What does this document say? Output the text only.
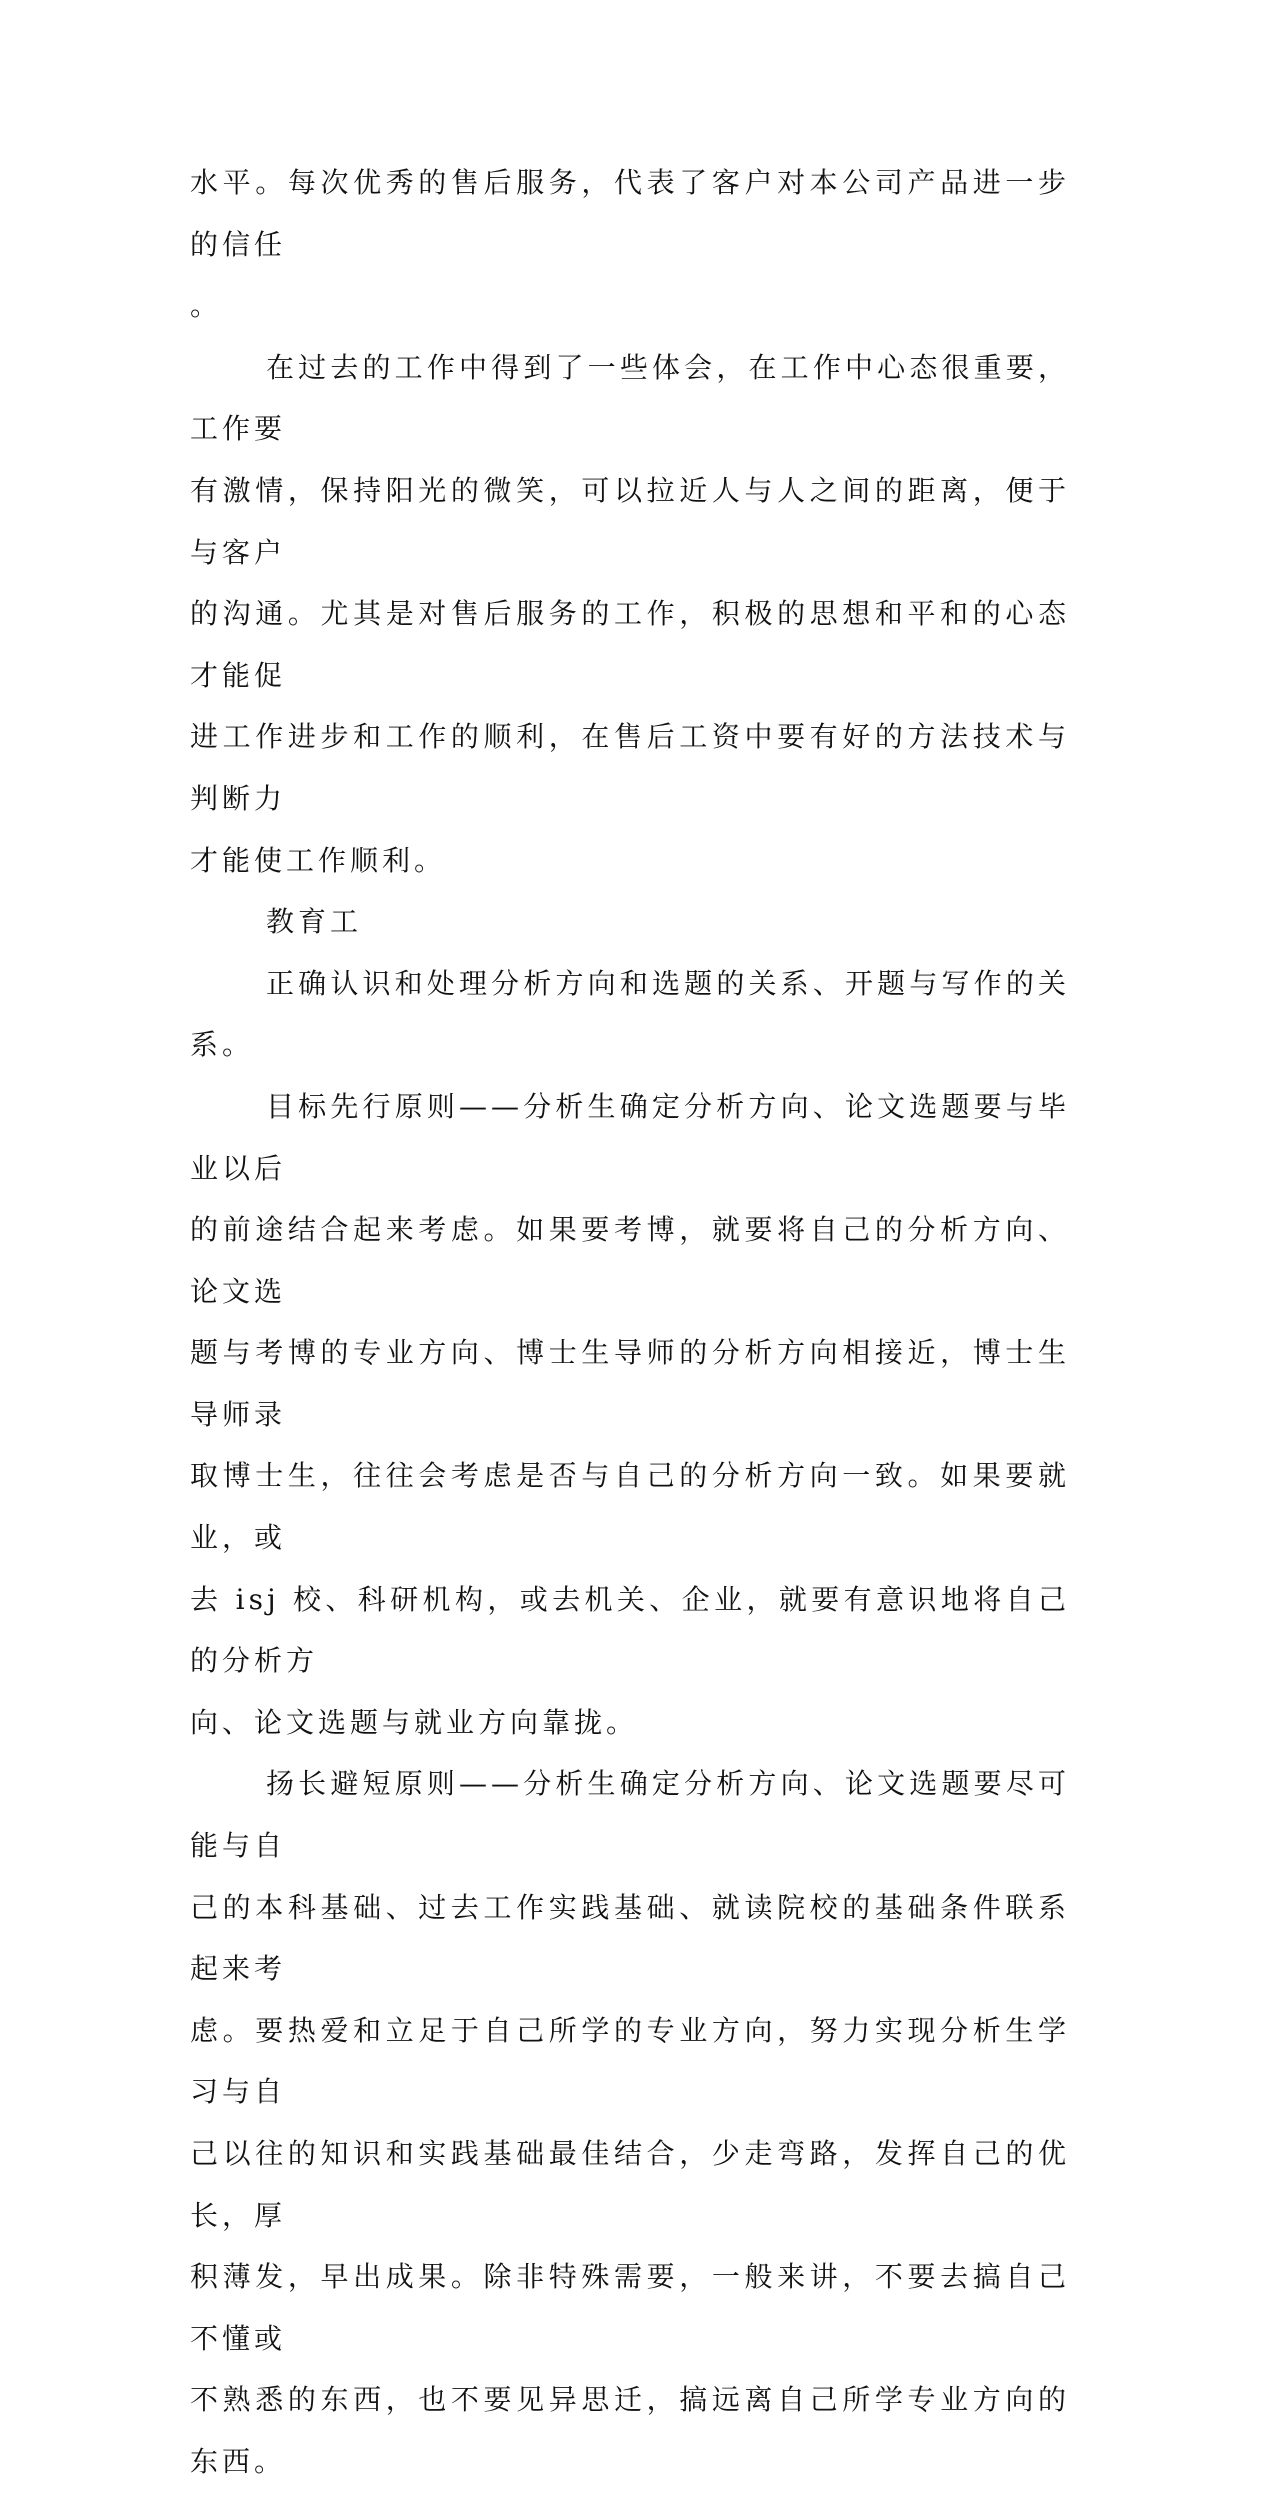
水平。每次优秀的售后服务，代表了客户对本公司产品进一步的信任
。

在过去的工作中得到了一些体会，在工作中心态很重要，工作要
有激情，保持阳光的微笑，可以拉近人与人之间的距离，便于与客户
的沟通。尤其是对售后服务的工作，积极的思想和平和的心态才能促
进工作进步和工作的顺利，在售后工资中要有好的方法技术与判断力
才能使工作顺利。

教育工

正确认识和处理分析方向和选题的关系、开题与写作的关系。

目标先行原则——分析生确定分析方向、论文选题要与毕业以后
的前途结合起来考虑。如果要考博，就要将自己的分析方向、论文选
题与考博的专业方向、博士生导师的分析方向相接近，博士生导师录
取博士生，往往会考虑是否与自己的分析方向一致。如果要就业，或
去 isj 校、科研机构，或去机关、企业，就要有意识地将自己的分析方
向、论文选题与就业方向靠拢。

扬长避短原则——分析生确定分析方向、论文选题要尽可能与自
己的本科基础、过去工作实践基础、就读院校的基础条件联系起来考
虑。要热爱和立足于自己所学的专业方向，努力实现分析生学习与自
己以往的知识和实践基础最佳结合，少走弯路，发挥自己的优长，厚
积薄发，早出成果。除非特殊需要，一般来讲，不要去搞自己不懂或
不熟悉的东西，也不要见异思迁，搞远离自己所学专业方向的东西。
